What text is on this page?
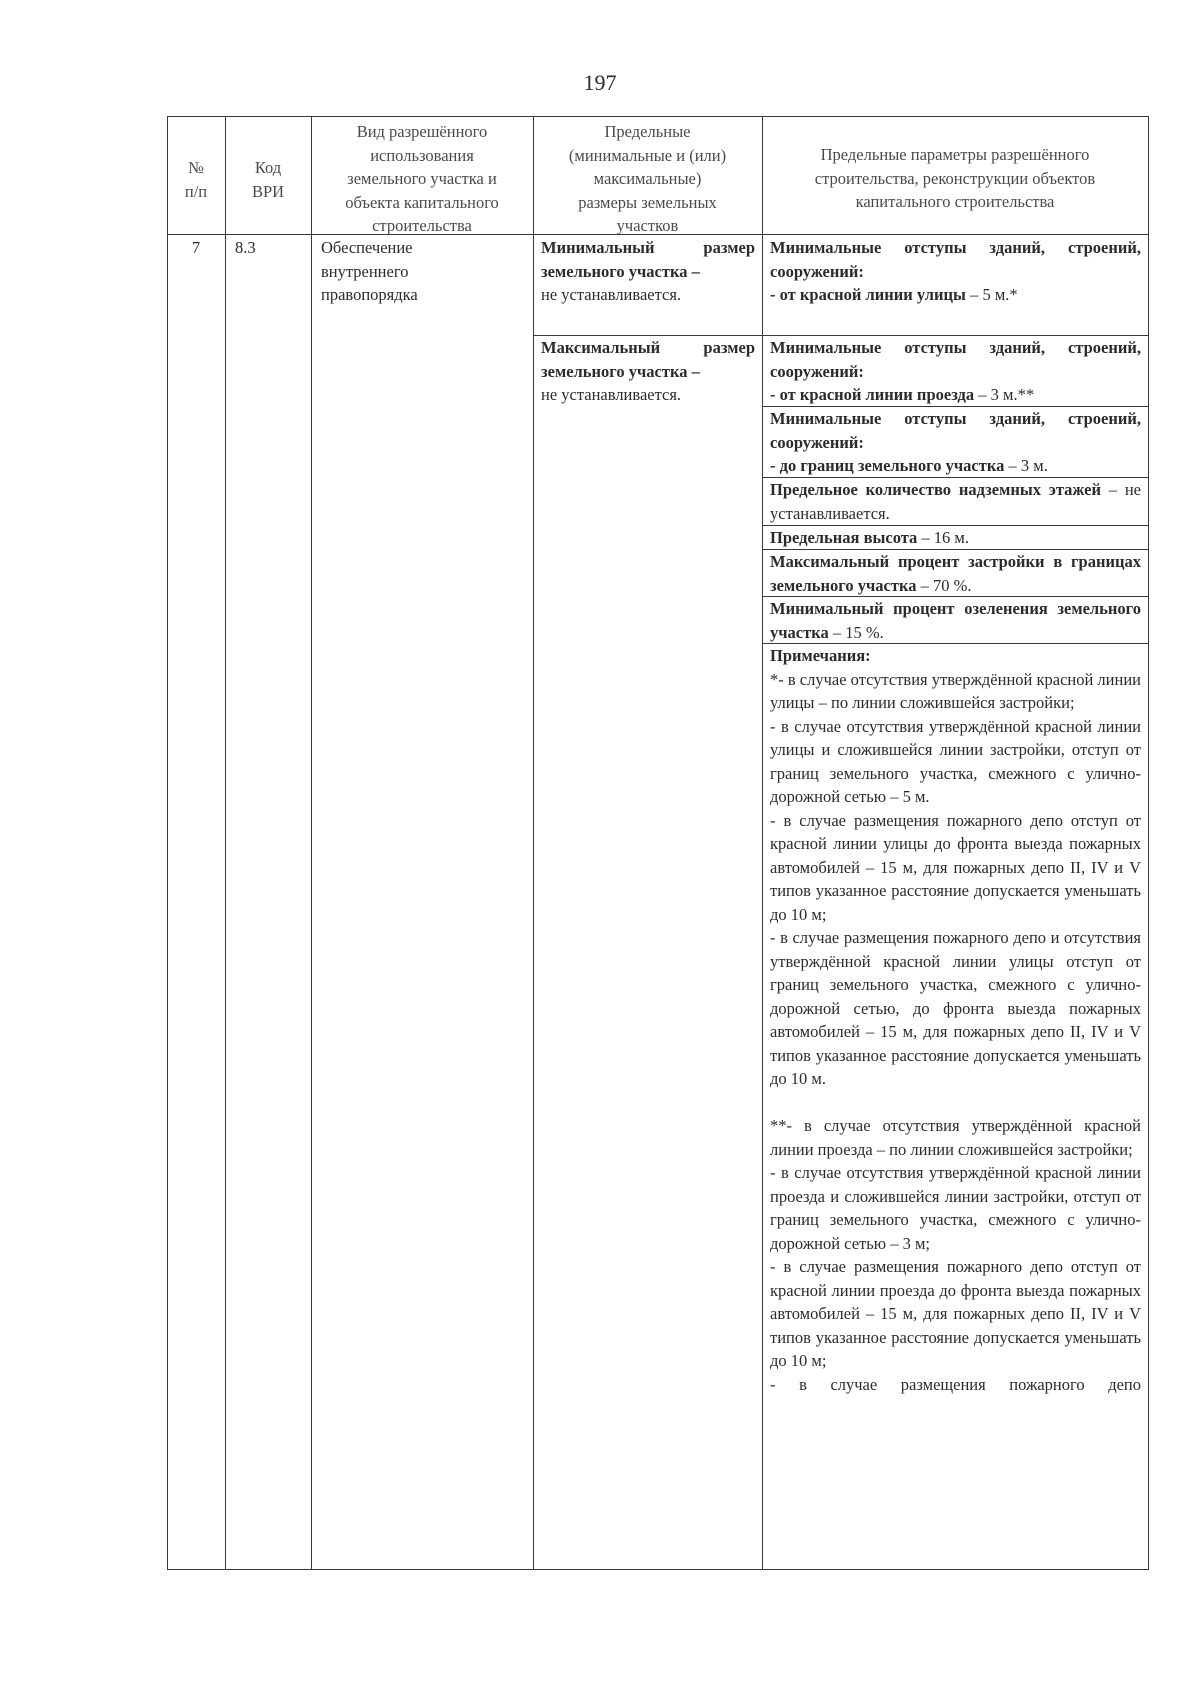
197
№
п/п
Код
ВРИ
Вид разрешённого
использования
земельного участка и
объекта капитального
строительства
Предельные
(минимальные и (или)
максимальные)
размеры земельных
участков
Предельные параметры разрешённого
строительства, реконструкции объектов
капитального строительства
7	8.3	Обеспечение
внутреннего
правопорядка
Минимальный размер земельного участка –
не устанавливается.
Максимальный размер земельного участка –
не устанавливается.
Минимальные отступы зданий, строений, сооружений:
- от красной линии улицы – 5 м.*
Минимальные отступы зданий, строений, сооружений:
- от красной линии проезда – 3 м.**
Минимальные отступы зданий, строений, сооружений:
- до границ земельного участка – 3 м.
Предельное количество надземных этажей – не устанавливается.
Предельная высота – 16 м.
Максимальный процент застройки в границах земельного участка – 70 %.
Минимальный процент озеленения земельного участка – 15 %.
Примечания:
*- в случае отсутствия утверждённой красной линии улицы – по линии сложившейся застройки;
- в случае отсутствия утверждённой красной линии улицы и сложившейся линии застройки, отступ от границ земельного участка, смежного с улично-дорожной сетью – 5 м.
- в случае размещения пожарного депо отступ от красной линии улицы до фронта выезда пожарных автомобилей – 15 м, для пожарных депо II, IV и V типов указанное расстояние допускается уменьшать до 10 м;
- в случае размещения пожарного депо и отсутствия утверждённой красной линии улицы отступ от границ земельного участка, смежного с улично-дорожной сетью, до фронта выезда пожарных автомобилей – 15 м, для пожарных депо II, IV и V типов указанное расстояние допускается уменьшать до 10 м.
**- в случае отсутствия утверждённой красной линии проезда – по линии сложившейся застройки;
- в случае отсутствия утверждённой красной линии проезда и сложившейся линии застройки, отступ от границ земельного участка, смежного с улично-дорожной сетью – 3 м;
- в случае размещения пожарного депо отступ от красной линии проезда до фронта выезда пожарных автомобилей – 15 м, для пожарных депо II, IV и V типов указанное расстояние допускается уменьшать до 10 м;
- в случае размещения пожарного депо
